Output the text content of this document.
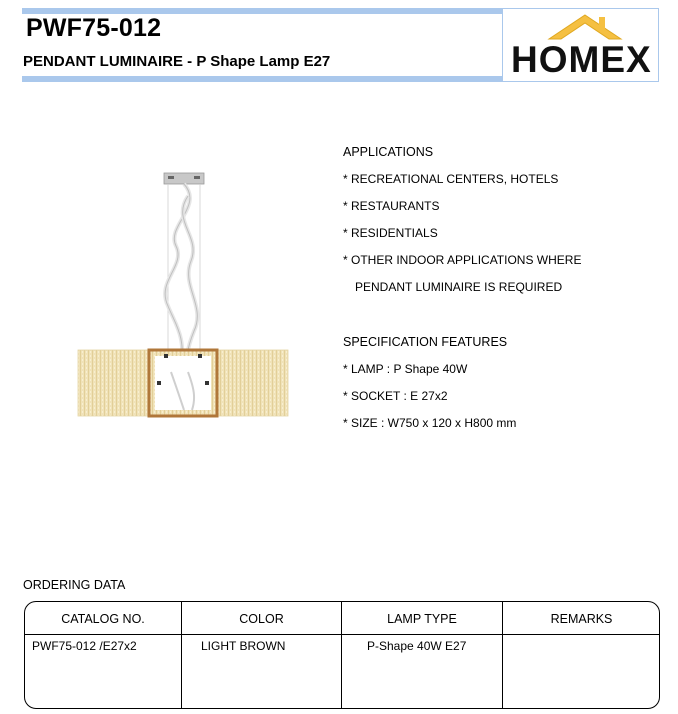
PWF75-012
PENDANT LUMINAIRE - P Shape Lamp E27	HOMEX
APPLICATIONS
* RECREATIONAL CENTERS, HOTELS
* RESTAURANTS
* RESIDENTIALS
* OTHER INDOOR APPLICATIONS WHERE
PENDANT LUMINAIRE IS REQUIRED
SPECIFICATION FEATURES
* LAMP : P Shape 40W
* SOCKET : E 27x2
* SIZE : W750 x 120 x H800 mm
ORDERING DATA
CATALOG NO.	COLOR	LAMP TYPE	REMARKS
PWF75-012 /E27x2	LIGHT BROWN	P-Shape 40W E27
